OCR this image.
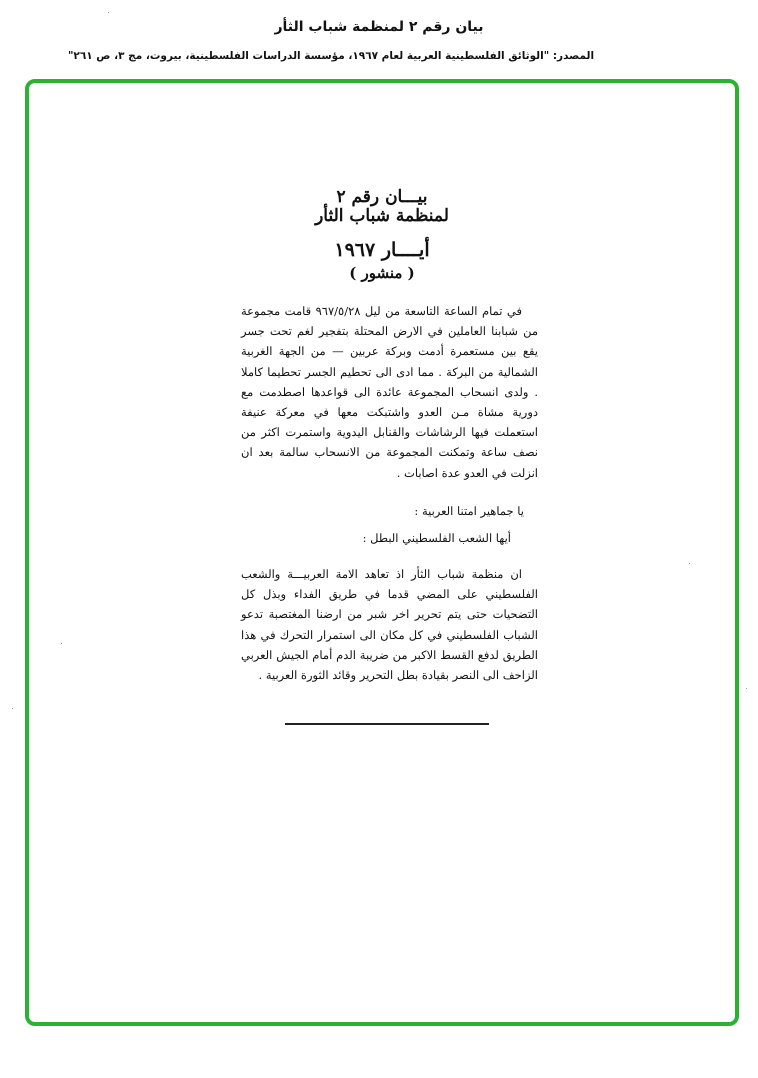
بيان رقم ٢ لمنظمة شباب الثأر
المصدر: "الوثائق الفلسطينية العربية لعام ١٩٦٧، مؤسسة الدراسات الفلسطينية، بيروت، مج ٣، ص ٢٦١"
بيـــان رقم ٢
لمنظمة شباب الثأر
أيــــار ١٩٦٧
( منشور )

في تمام الساعة التاسعة من ليل ٩٦٧/٥/٢٨ قامت مجموعة من شبابنا العاملين في الارض المحتلة بتفجير لغم تحت جسر يقع بين مستعمرة أدمت وبركة عربين — من الجهة الغربية الشمالية من البركة . مما ادى الى تحطيم الجسر تحطيما كاملا . ولدى انسحاب المجموعة عائدة الى قواعدها اصطدمت مع دورية مشاة مـن العدو واشتبكت معها في معركة عنيفة استعملت فيها الرشاشات والقنابل اليدوية واستمرت اكثر من نصف ساعة وتمكنت المجموعة من الانسحاب سالمة بعد ان انزلت في العدو عدة اصابات .

يا جماهير امتنا العربية :
أيها الشعب الفلسطيني البطل :

ان منظمة شباب الثأر اذ تعاهد الامة العربيـــة والشعب الفلسطيني على المضي قدما في طريق الفداء وبذل كل التضحيات حتى يتم تحرير اخر شبر من ارضنا المغتصبة تدعو الشباب الفلسطيني في كل مكان الى استمرار التحرك في هذا الطريق لدفع القسط الاكبر من ضريبة الدم أمام الجيش العربي الزاحف الى النصر بقيادة بطل التحرير وقائد الثورة العربية .
